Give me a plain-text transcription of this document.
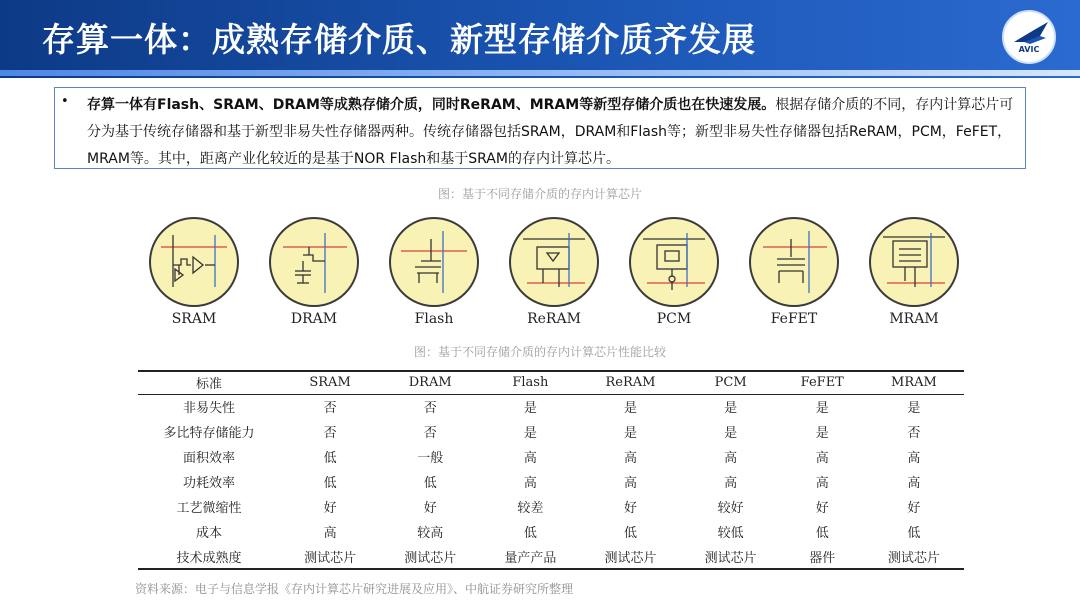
存算一体：成熟存储介质、新型存储介质齐发展	AVIC
• 存算一体有Flash、SRAM、DRAM等成熟存储介质，同时ReRAM、MRAM等新型存储介质也在快速发展。根据存储介质的不同，存内计算芯片可分为基于传统存储器和基于新型非易失性存储器两种。传统存储器包括SRAM，DRAM和Flash等；新型非易失性存储器包括ReRAM，PCM，FeFET，MRAM等。其中，距离产业化较近的是基于NOR Flash和基于SRAM的存内计算芯片。

图：基于不同存储介质的存内计算芯片
SRAM	DRAM	Flash	ReRAM	PCM	FeFET	MRAM
图：基于不同存储介质的存内计算芯片性能比较
标准	SRAM	DRAM	Flash	ReRAM	PCM	FeFET	MRAM
非易失性	否	否	是	是	是	是	是
多比特存储能力	否	否	是	是	是	是	否
面积效率	低	一般	高	高	高	高	高
功耗效率	低	低	高	高	高	高	高
工艺微缩性	好	好	较差	好	较好	好	好
成本	高	较高	低	低	较低	低	低
技术成熟度	测试芯片	测试芯片	量产产品	测试芯片	测试芯片	器件	测试芯片
资料来源：电子与信息学报《存内计算芯片研究进展及应用》、中航证券研究所整理
